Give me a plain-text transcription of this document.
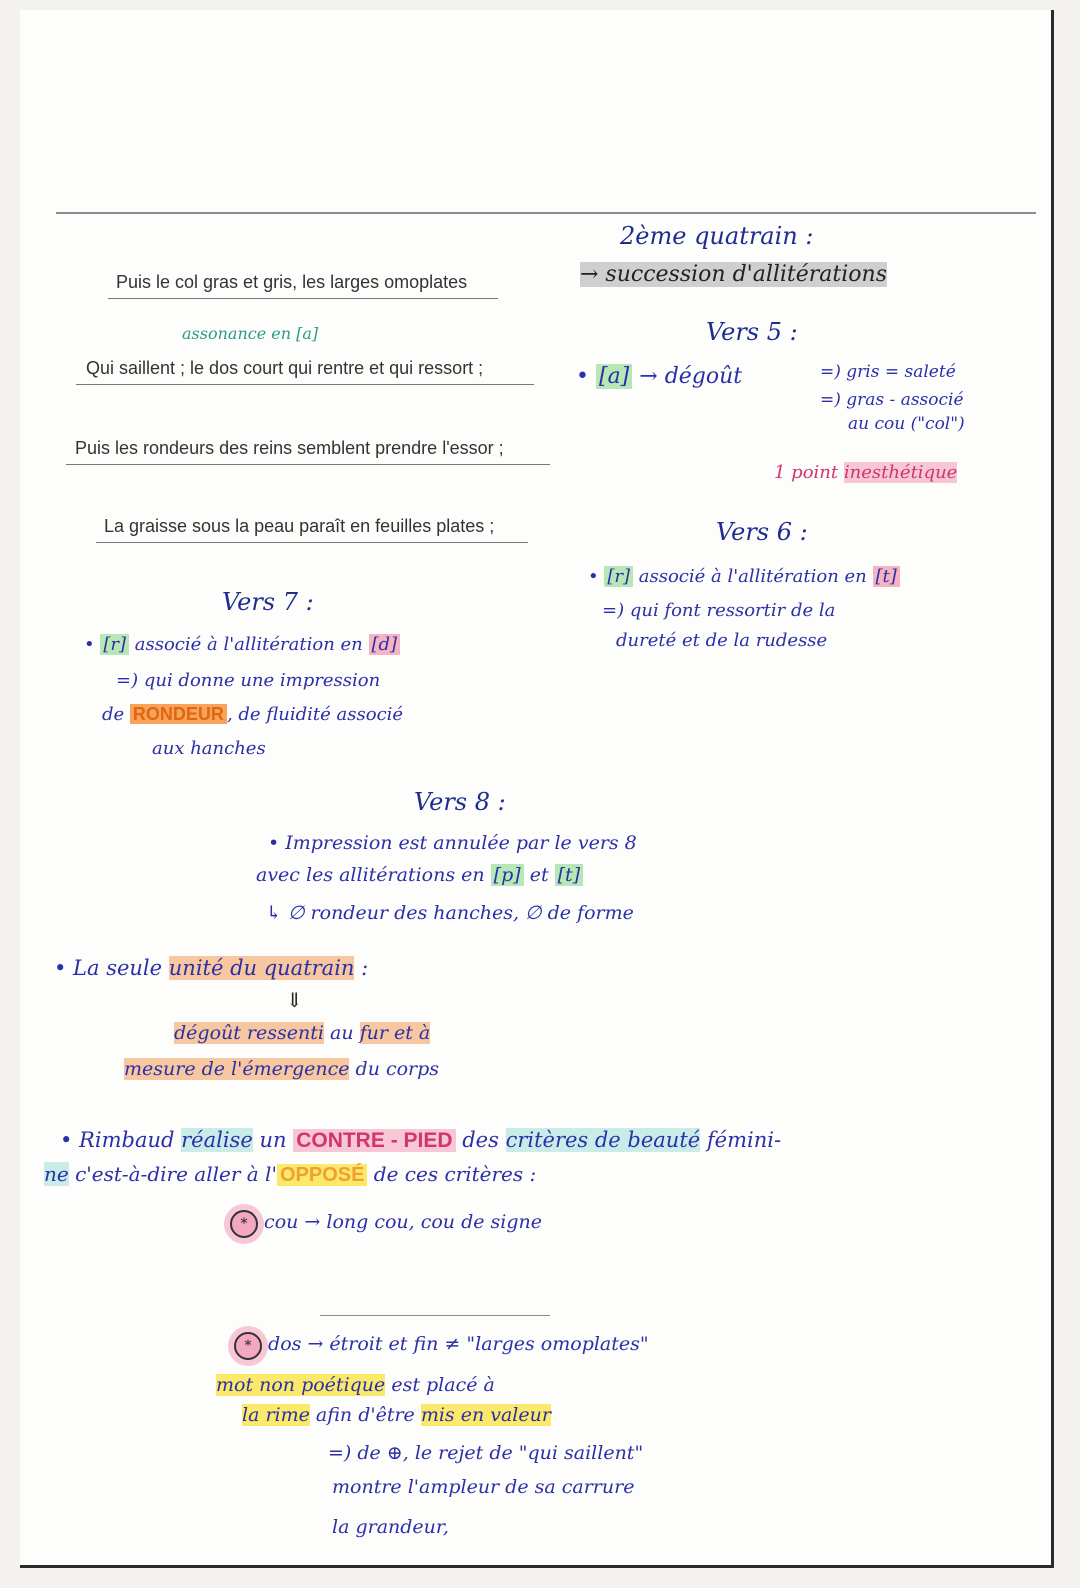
Puis le col gras et gris, les larges omoplates
assonance en [a]
Qui saillent ; le dos court qui rentre et qui ressort ;
Puis les rondeurs des reins semblent prendre l'essor ;
La graisse sous la peau paraît en feuilles plates ;
2ème quatrain :
→ succession d'allitérations
Vers 5 :
• [a] → dégoût	=) gris = saleté
=) gras - associé
au cou ("col")
1 point inesthétique
Vers 6 :
• [r] associé à l'allitération en [t]
=) qui font ressortir de la
dureté et de la rudesse
Vers 7 :
• [r] associé à l'allitération en [d]
=) qui donne une impression
de RONDEUR , de fluidité associé
aux hanches
Vers 8 :
• Impression est annulée par le vers 8
avec les allitérations en [p] et [t]
↳ ∅ rondeur des hanches, ∅ de forme
• La seule unité du quatrain :
⇓
dégoût ressenti au fur et à
mesure de l'émergence du corps
• Rimbaud réalise un CONTRE - PIED des critères de beauté fémini-
ne c'est-à-dire aller à l' OPPOSÉ de ces critères :
* cou → long cou, cou de signe
* dos → étroit et fin ≠ "larges omoplates"
mot non poétique est placé à
la rime afin d'être mis en valeur
=) de ⊕, le rejet de "qui saillent"
montre l'ampleur de sa carrure
la grandeur,
